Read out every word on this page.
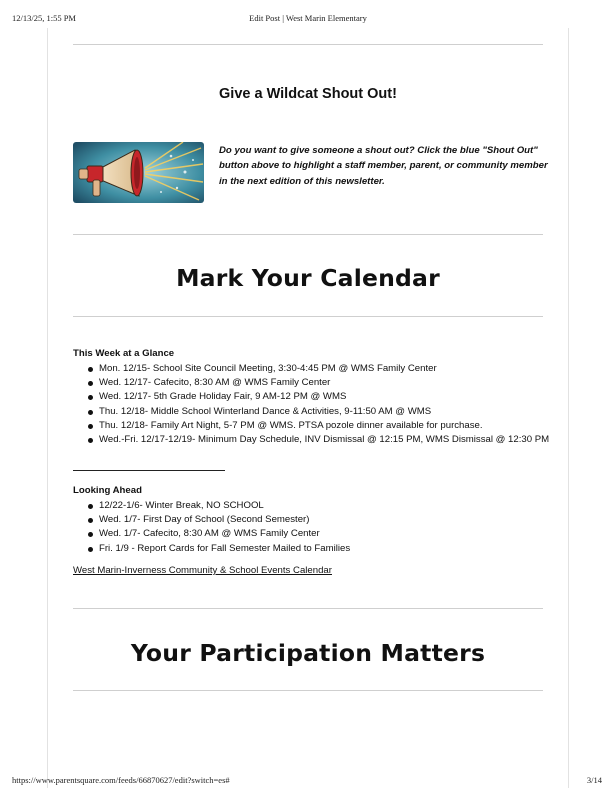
12/13/25, 1:55 PM	Edit Post | West Marin Elementary
Give a Wildcat Shout Out!
Do you want to give someone a shout out? Click the blue "Shout Out" button above to highlight a staff member, parent, or community member in the next edition of this newsletter.
Mark Your Calendar
This Week at a Glance
Mon. 12/15- School Site Council Meeting, 3:30-4:45 PM @ WMS Family Center
Wed. 12/17- Cafecito, 8:30 AM @ WMS Family Center
Wed. 12/17- 5th Grade Holiday Fair, 9 AM-12 PM @ WMS
Thu. 12/18- Middle School Winterland Dance & Activities, 9-11:50 AM @ WMS
Thu. 12/18- Family Art Night, 5-7 PM @ WMS. PTSA pozole dinner available for purchase.
Wed.-Fri. 12/17-12/19- Minimum Day Schedule, INV Dismissal @ 12:15 PM, WMS Dismissal @ 12:30 PM
Looking Ahead
12/22-1/6- Winter Break, NO SCHOOL
Wed. 1/7- First Day of School (Second Semester)
Wed. 1/7- Cafecito, 8:30 AM @ WMS Family Center
Fri. 1/9 - Report Cards for Fall Semester Mailed to Families
West Marin-Inverness Community & School Events Calendar
Your Participation Matters
https://www.parentsquare.com/feeds/66870627/edit?switch=es#	3/14
